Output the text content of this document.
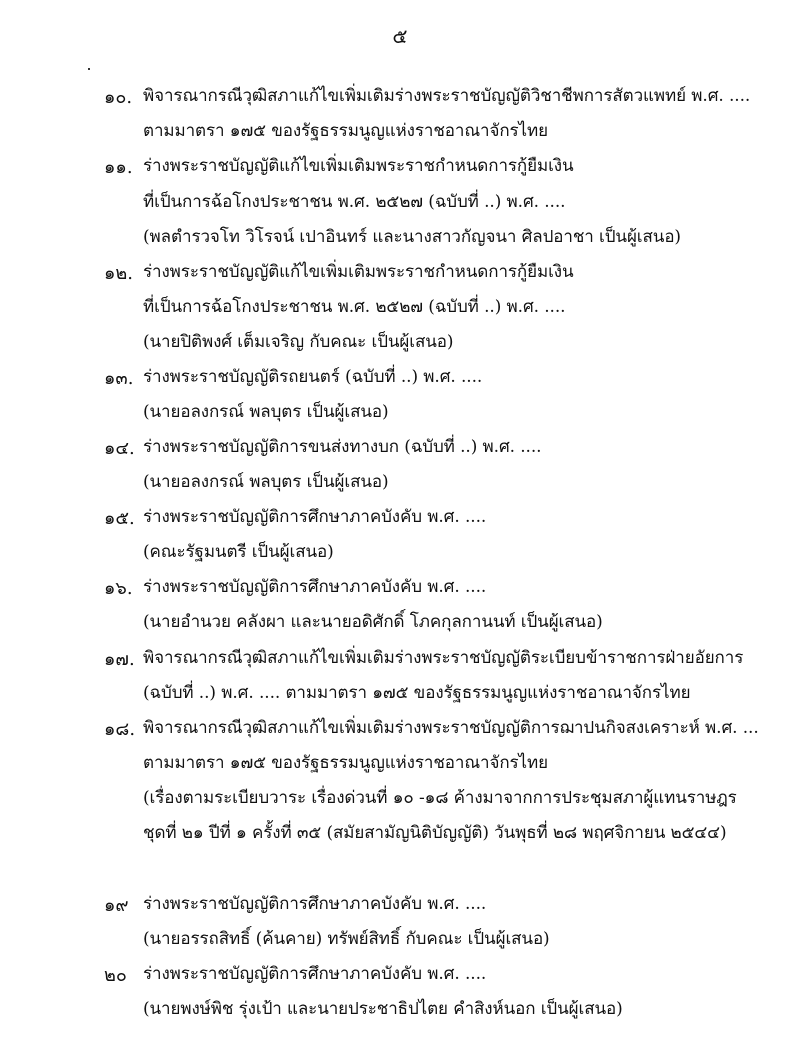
๕
๑๐. พิจารณากรณีวุฒิสภาแก้ไขเพิ่มเติมร่างพระราชบัญญัติวิชาชีพการสัตวแพทย์ พ.ศ. ....
ตามมาตรา ๑๗๕ ของรัฐธรรมนูญแห่งราชอาณาจักรไทย
๑๑. ร่างพระราชบัญญัติแก้ไขเพิ่มเติมพระราชกำหนดการกู้ยืมเงิน
ที่เป็นการฉ้อโกงประชาชน พ.ศ. ๒๕๒๗ (ฉบับที่ ..) พ.ศ. ....
(พลตำรวจโท วิโรจน์ เปาอินทร์ และนางสาวกัญจนา ศิลปอาชา เป็นผู้เสนอ)
๑๒. ร่างพระราชบัญญัติแก้ไขเพิ่มเติมพระราชกำหนดการกู้ยืมเงิน
ที่เป็นการฉ้อโกงประชาชน พ.ศ. ๒๕๒๗ (ฉบับที่ ..) พ.ศ. ....
(นายปิติพงศ์ เต็มเจริญ กับคณะ เป็นผู้เสนอ)
๑๓. ร่างพระราชบัญญัติรถยนตร์ (ฉบับที่ ..) พ.ศ. ....
(นายอลงกรณ์ พลบุตร เป็นผู้เสนอ)
๑๔. ร่างพระราชบัญญัติการขนส่งทางบก (ฉบับที่ ..) พ.ศ. ....
(นายอลงกรณ์ พลบุตร เป็นผู้เสนอ)
๑๕. ร่างพระราชบัญญัติการศึกษาภาคบังคับ พ.ศ. ....
(คณะรัฐมนตรี เป็นผู้เสนอ)
๑๖. ร่างพระราชบัญญัติการศึกษาภาคบังคับ พ.ศ. ....
(นายอำนวย คลังผา และนายอดิศักดิ์ โภคกุลกานนท์ เป็นผู้เสนอ)
๑๗. พิจารณากรณีวุฒิสภาแก้ไขเพิ่มเติมร่างพระราชบัญญัติระเบียบข้าราชการฝ่ายอัยการ
(ฉบับที่ ..) พ.ศ. .... ตามมาตรา ๑๗๕ ของรัฐธรรมนูญแห่งราชอาณาจักรไทย
๑๘. พิจารณากรณีวุฒิสภาแก้ไขเพิ่มเติมร่างพระราชบัญญัติการฌาปนกิจสงเคราะห์ พ.ศ. ...
ตามมาตรา ๑๗๕ ของรัฐธรรมนูญแห่งราชอาณาจักรไทย
(เรื่องตามระเบียบวาระ เรื่องด่วนที่ ๑๐ -๑๘ ค้างมาจากการประชุมสภาผู้แทนราษฎร
ชุดที่ ๒๑ ปีที่ ๑ ครั้งที่ ๓๕ (สมัยสามัญนิติบัญญัติ) วันพุธที่ ๒๘ พฤศจิกายน ๒๕๔๔)
๑๙ ร่างพระราชบัญญัติการศึกษาภาคบังคับ พ.ศ. ....
(นายอรรถสิทธิ์ (ค้นคาย) ทรัพย์สิทธิ์ กับคณะ เป็นผู้เสนอ)
๒๐ ร่างพระราชบัญญัติการศึกษาภาคบังคับ พ.ศ. ....
(นายพงษ์พิช รุ่งเป้า และนายประชาธิปไตย คำสิงห์นอก เป็นผู้เสนอ)
